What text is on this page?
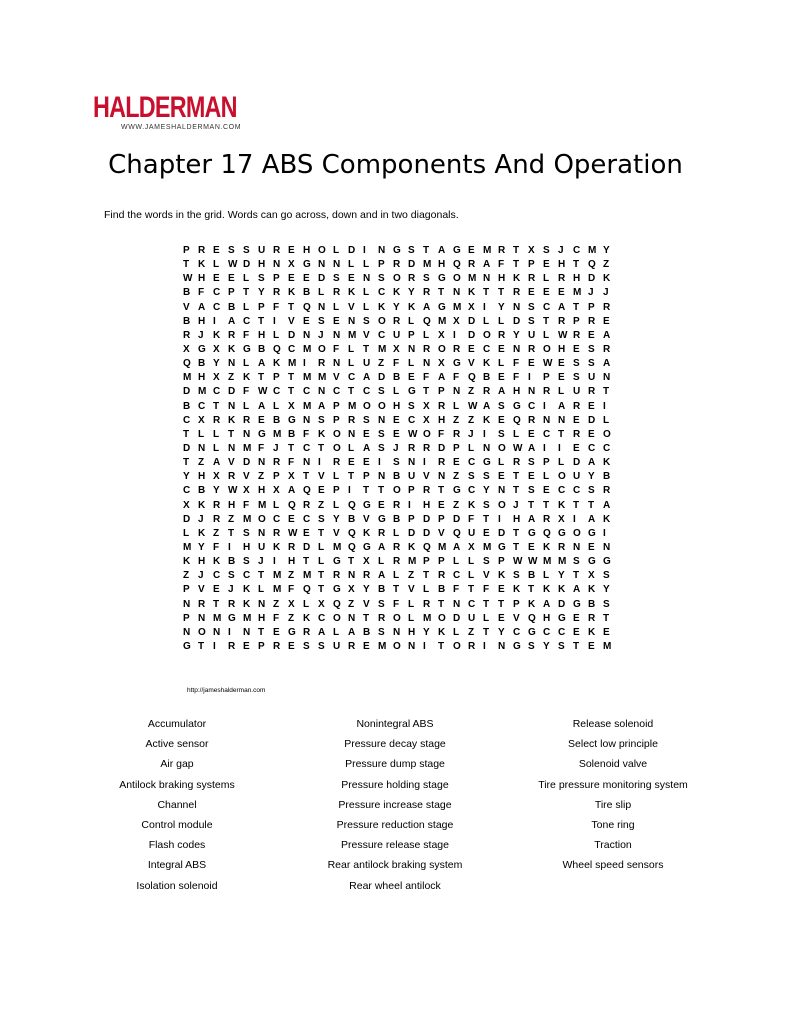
HALDERMAN
WWW.JAMESHALDERMAN.COM
Chapter 17 ABS Components And Operation
Find the words in the grid. Words can go across, down and in two diagonals.
P R E S S U R E H O L D I	N G S T A G E M R T X S J C M Y
T K L W D H N X G N N L L P R D M H Q R A F T P E H T Q Z
W H E E L S P E E D S E N S O R S G O M N H K R L R H D K
B F C P T Y R K B L R K L C K Y R T N K T T R E E E M J J
V A C B L P F T Q N L V L K Y K A G M X I	Y N S C A T P R
B H I	A C T I	V E S E N S O R L Q M X D L L D S T R P R E
R J K R F H L D N J N M V C U P L X I	D O R Y U L W R E A
X G X K G B Q C M O F L T M X N R O R E C E N R O H E S R
Q B Y N L A K M I	R N L U Z F L N X G V K L F E W E S S A
M H X Z K T P T M M V C A D B E F A F Q B E F I	P E S U N
D M C D F W C T C N C T C S L G T P N Z R A H N R L U R T
B C T N L A L X M A P M O O H S X R L W A S G C I	A R E I
C X R K R E B G N S P R S N E C X H Z Z K E Q R N N E D L
T L L T N G M B F K O N E S E W O F R J I	S L E C T R E O
D N L N M F J T C T O L A S J R R D P L N O W A I	I	E C C
T Z A V D N R F N I	R E E I	S N I	R E C G L R S P L D A K
Y H X R V Z P X T V L T P N B U V N Z S S E T E L O U Y B
C B Y W X H X A Q E P I	T T O P R T G C Y N T S E C C S R
X K R H F M L Q R Z L Q G E R I	H E Z K S O J T T K T T A
D J R Z M O C E C S Y B V G B P D P D F T I	H A R X I	A K
L K Z T S N R W E T V Q K R L D D V Q U E D T G Q G O G I
M Y F I	H U K R D L M Q G A R K Q M A X M G T E K R N E N
K H K B S J I	H T L G T X L R M P P L L S P W W M M S G G
Z J C S C T M Z M T R N R A L Z T R C L V K S B L Y T X S
P V E J K L M F Q T G X Y B T V L B F T F E K T K K A K Y
N R T R K N Z X L X Q Z V S F L R T N C T T P K A D G B S
P N M G M H F Z K C O N T R O L M O D U L E V Q H G E R T
N O N I	N T E G R A L A B S N H Y K L Z T Y C G C C E K E
G T I	R E P R E S S U R E M O N I	T O R I	N G S Y S T E M
http://jameshalderman.com
Accumulator
Active sensor
Air gap
Antilock braking systems
Channel
Control module
Flash codes
Integral ABS
Isolation solenoid
Nonintegral ABS
Pressure decay stage
Pressure dump stage
Pressure holding stage
Pressure increase stage
Pressure reduction stage
Pressure release stage
Rear antilock braking system
Rear wheel antilock
Release solenoid
Select low principle
Solenoid valve
Tire pressure monitoring system
Tire slip
Tone ring
Traction
Wheel speed sensors
